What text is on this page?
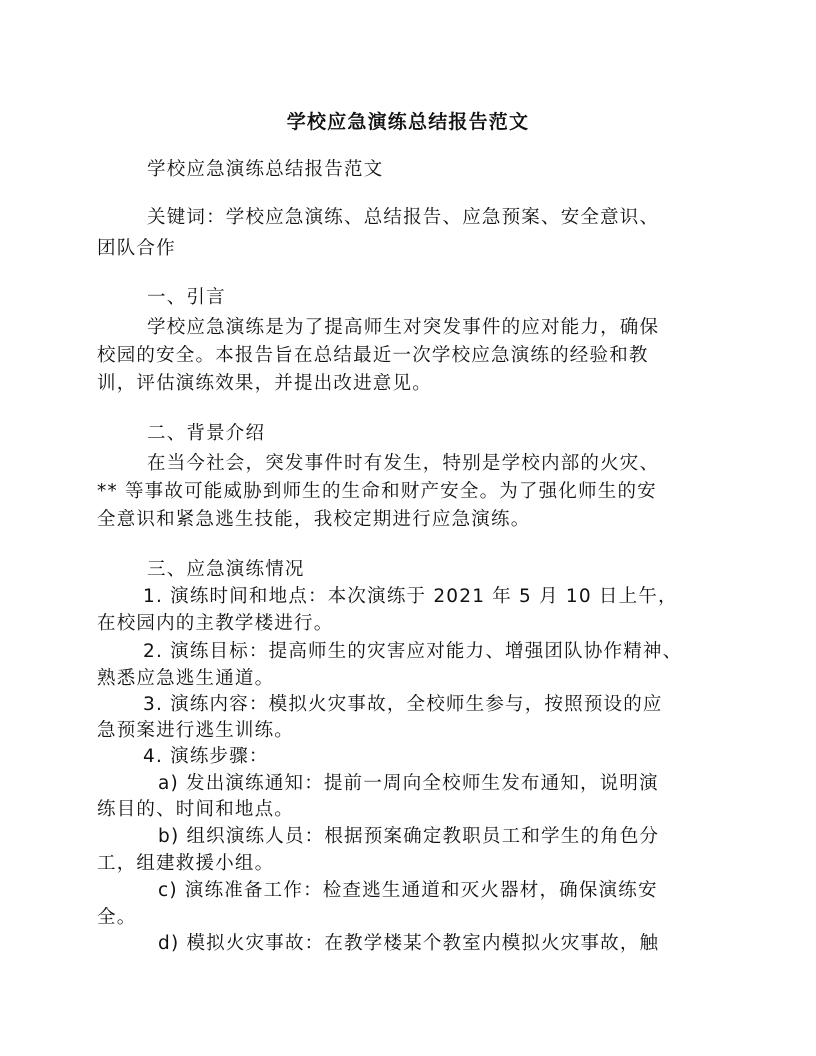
学校应急演练总结报告范文
学校应急演练总结报告范文
关键词：学校应急演练、总结报告、应急预案、安全意识、
团队合作
一、引言
学校应急演练是为了提高师生对突发事件的应对能力，确保
校园的安全。本报告旨在总结最近一次学校应急演练的经验和教
训，评估演练效果，并提出改进意见。
二、背景介绍
在当今社会，突发事件时有发生，特别是学校内部的火灾、
** 等事故可能威胁到师生的生命和财产安全。为了强化师生的安
全意识和紧急逃生技能，我校定期进行应急演练。
三、应急演练情况
1. 演练时间和地点：本次演练于 2021 年 5 月 10 日上午，
在校园内的主教学楼进行。
2. 演练目标：提高师生的灾害应对能力、增强团队协作精神、
熟悉应急逃生通道。
3. 演练内容：模拟火灾事故，全校师生参与，按照预设的应
急预案进行逃生训练。
4. 演练步骤：
a) 发出演练通知：提前一周向全校师生发布通知，说明演
练目的、时间和地点。
b) 组织演练人员：根据预案确定教职员工和学生的角色分
工，组建救援小组。
c) 演练准备工作：检查逃生通道和灭火器材，确保演练安
全。
d) 模拟火灾事故：在教学楼某个教室内模拟火灾事故，触
